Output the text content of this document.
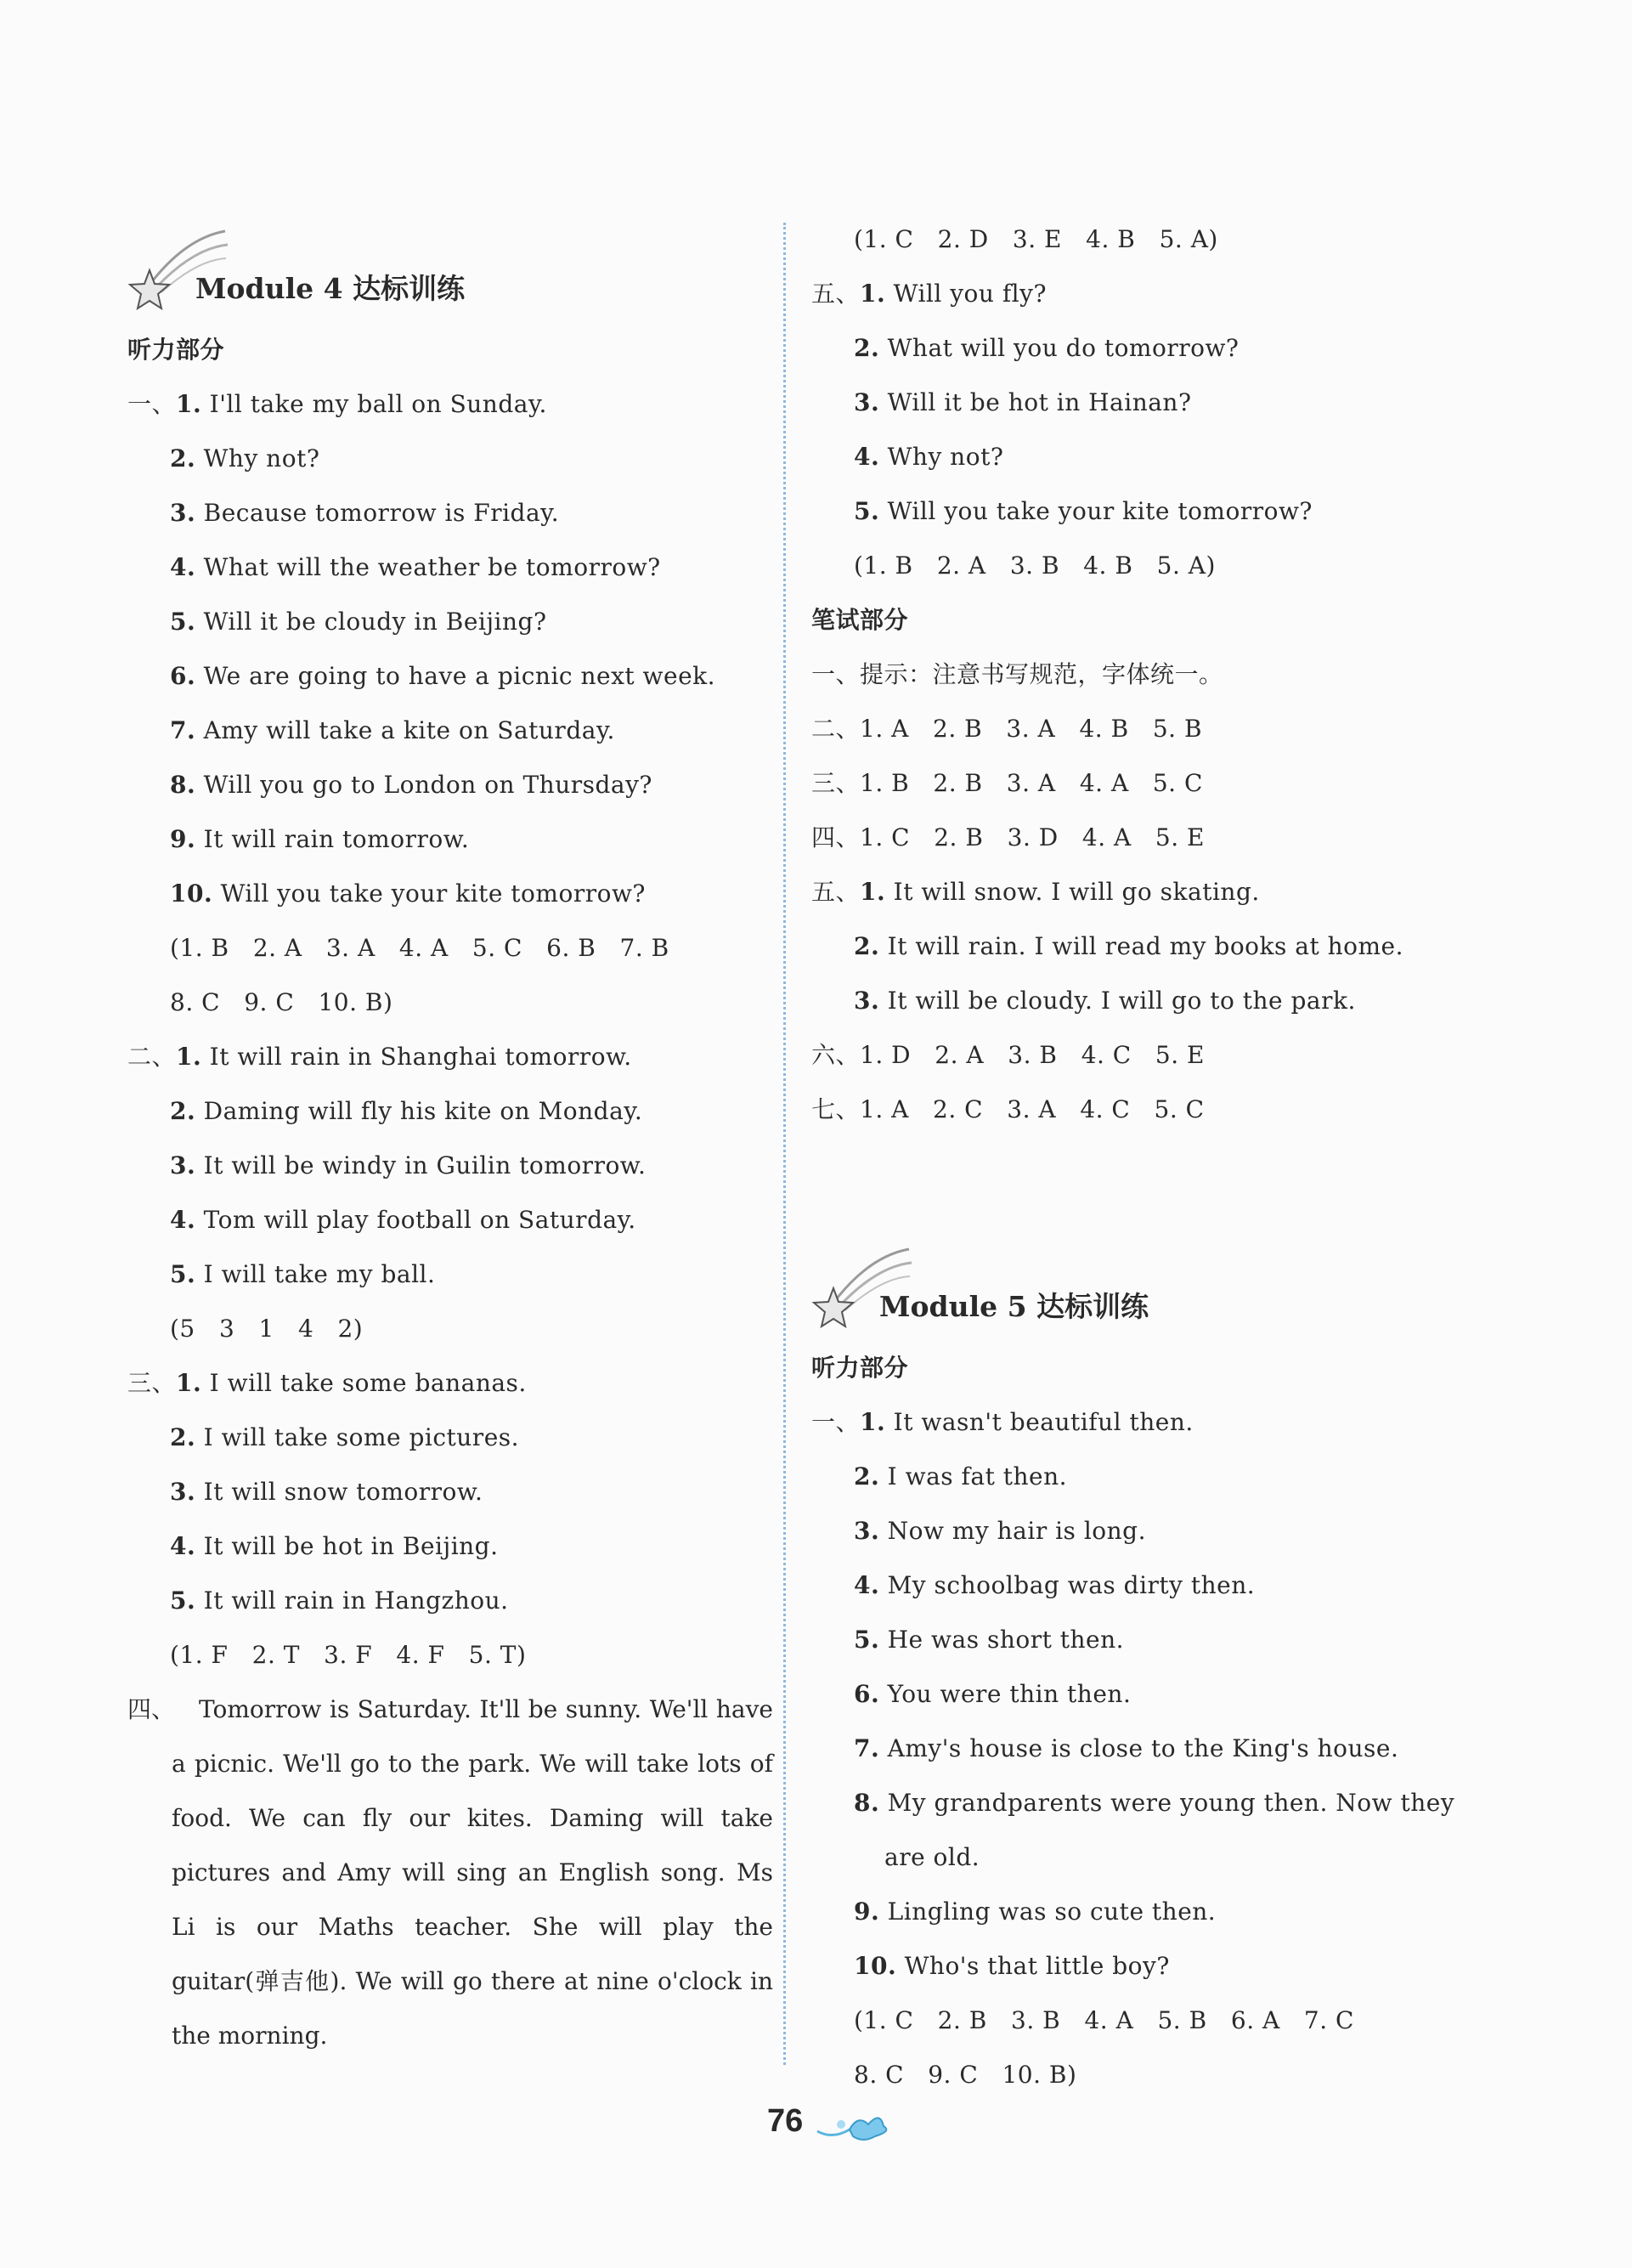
Module 4 达标训练
听力部分
一、1. I'll take my ball on Sunday.
2. Why not?
3. Because tomorrow is Friday.
4. What will the weather be tomorrow?
5. Will it be cloudy in Beijing?
6. We are going to have a picnic next week.
7. Amy will take a kite on Saturday.
8. Will you go to London on Thursday?
9. It will rain tomorrow.
10. Will you take your kite tomorrow?
(1. B   2. A   3. A   4. A   5. C   6. B   7. B
8. C   9. C   10. B)
二、1. It will rain in Shanghai tomorrow.
2. Daming will fly his kite on Monday.
3. It will be windy in Guilin tomorrow.
4. Tom will play football on Saturday.
5. I will take my ball.
(5   3   1   4   2)
三、1. I will take some bananas.
2. I will take some pictures.
3. It will snow tomorrow.
4. It will be hot in Beijing.
5. It will rain in Hangzhou.
(1. F   2. T   3. F   4. F   5. T)
四、 Tomorrow is Saturday. It'll be sunny. We'll have a picnic. We'll go to the park. We will take lots of food. We can fly our kites. Daming will take pictures and Amy will sing an English song. Ms Li is our Maths teacher. She will play the guitar(弹吉他). We will go there at nine o'clock in the morning.
(1. C   2. D   3. E   4. B   5. A)
五、1. Will you fly?
2. What will you do tomorrow?
3. Will it be hot in Hainan?
4. Why not?
5. Will you take your kite tomorrow?
(1. B   2. A   3. B   4. B   5. A)
笔试部分
一、提示：注意书写规范，字体统一。
二、1. A   2. B   3. A   4. B   5. B
三、1. B   2. B   3. A   4. A   5. C
四、1. C   2. B   3. D   4. A   5. E
五、1. It will snow. I will go skating.
2. It will rain. I will read my books at home.
3. It will be cloudy. I will go to the park.
六、1. D   2. A   3. B   4. C   5. E
七、1. A   2. C   3. A   4. C   5. C
Module 5 达标训练
听力部分
一、1. It wasn't beautiful then.
2. I was fat then.
3. Now my hair is long.
4. My schoolbag was dirty then.
5. He was short then.
6. You were thin then.
7. Amy's house is close to the King's house.
8. My grandparents were young then. Now they
are old.
9. Lingling was so cute then.
10. Who's that little boy?
(1. C   2. B   3. B   4. A   5. B   6. A   7. C
8. C   9. C   10. B)
76
